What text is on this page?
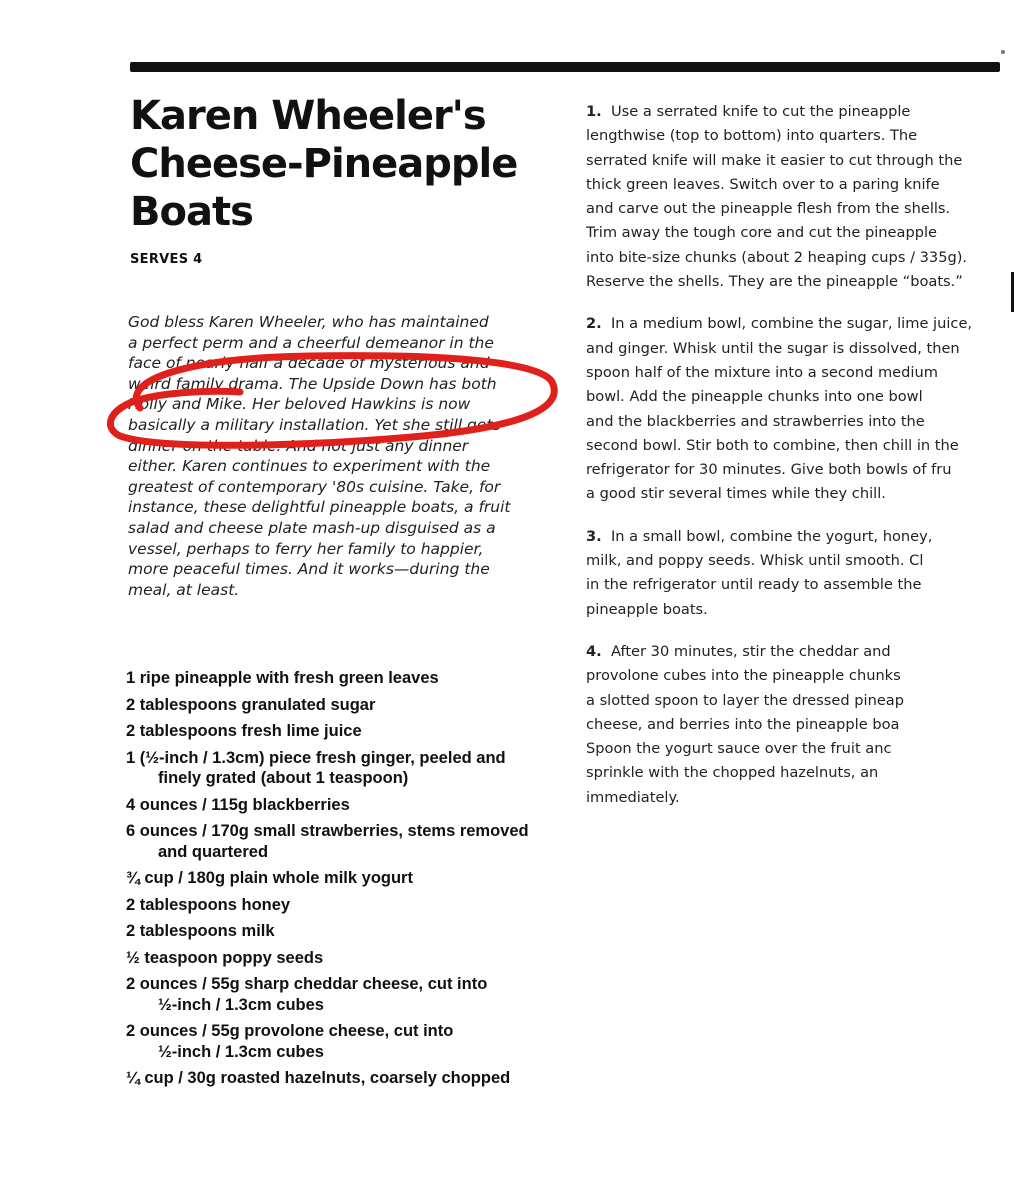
Karen Wheeler's
Cheese-Pineapple
Boats
SERVES 4
God bless Karen Wheeler, who has maintained
a perfect perm and a cheerful demeanor in the
face of nearly half a decade of mysterious and
weird family drama. The Upside Down has both
Holly and Mike. Her beloved Hawkins is now
basically a military installation. Yet she still gets
dinner on the table. And not just any dinner
either. Karen continues to experiment with the
greatest of contemporary '80s cuisine. Take, for
instance, these delightful pineapple boats, a fruit
salad and cheese plate mash-up disguised as a
vessel, perhaps to ferry her family to happier,
more peaceful times. And it works—during the
meal, at least.
1 ripe pineapple with fresh green leaves
2 tablespoons granulated sugar
2 tablespoons fresh lime juice
1 (½-inch / 1.3cm) piece fresh ginger, peeled and
finely grated (about 1 teaspoon)
4 ounces / 115g blackberries
6 ounces / 170g small strawberries, stems removed
and quartered
¾ cup / 180g plain whole milk yogurt
2 tablespoons honey
2 tablespoons milk
½ teaspoon poppy seeds
2 ounces / 55g sharp cheddar cheese, cut into
½-inch / 1.3cm cubes
2 ounces / 55g provolone cheese, cut into
½-inch / 1.3cm cubes
¼ cup / 30g roasted hazelnuts, coarsely chopped
1. Use a serrated knife to cut the pineapple
lengthwise (top to bottom) into quarters. The
serrated knife will make it easier to cut through the
thick green leaves. Switch over to a paring knife
and carve out the pineapple flesh from the shells.
Trim away the tough core and cut the pineapple
into bite-size chunks (about 2 heaping cups / 335g).
Reserve the shells. They are the pineapple “boats.”
2. In a medium bowl, combine the sugar, lime juice,
and ginger. Whisk until the sugar is dissolved, then
spoon half of the mixture into a second medium
bowl. Add the pineapple chunks into one bowl
and the blackberries and strawberries into the
second bowl. Stir both to combine, then chill in the
refrigerator for 30 minutes. Give both bowls of fru
a good stir several times while they chill.
3. In a small bowl, combine the yogurt, honey,
milk, and poppy seeds. Whisk until smooth. Cl
in the refrigerator until ready to assemble the
pineapple boats.
4. After 30 minutes, stir the cheddar and
provolone cubes into the pineapple chunks
a slotted spoon to layer the dressed pineap
cheese, and berries into the pineapple boa
Spoon the yogurt sauce over the fruit anc
sprinkle with the chopped hazelnuts, an
immediately.
